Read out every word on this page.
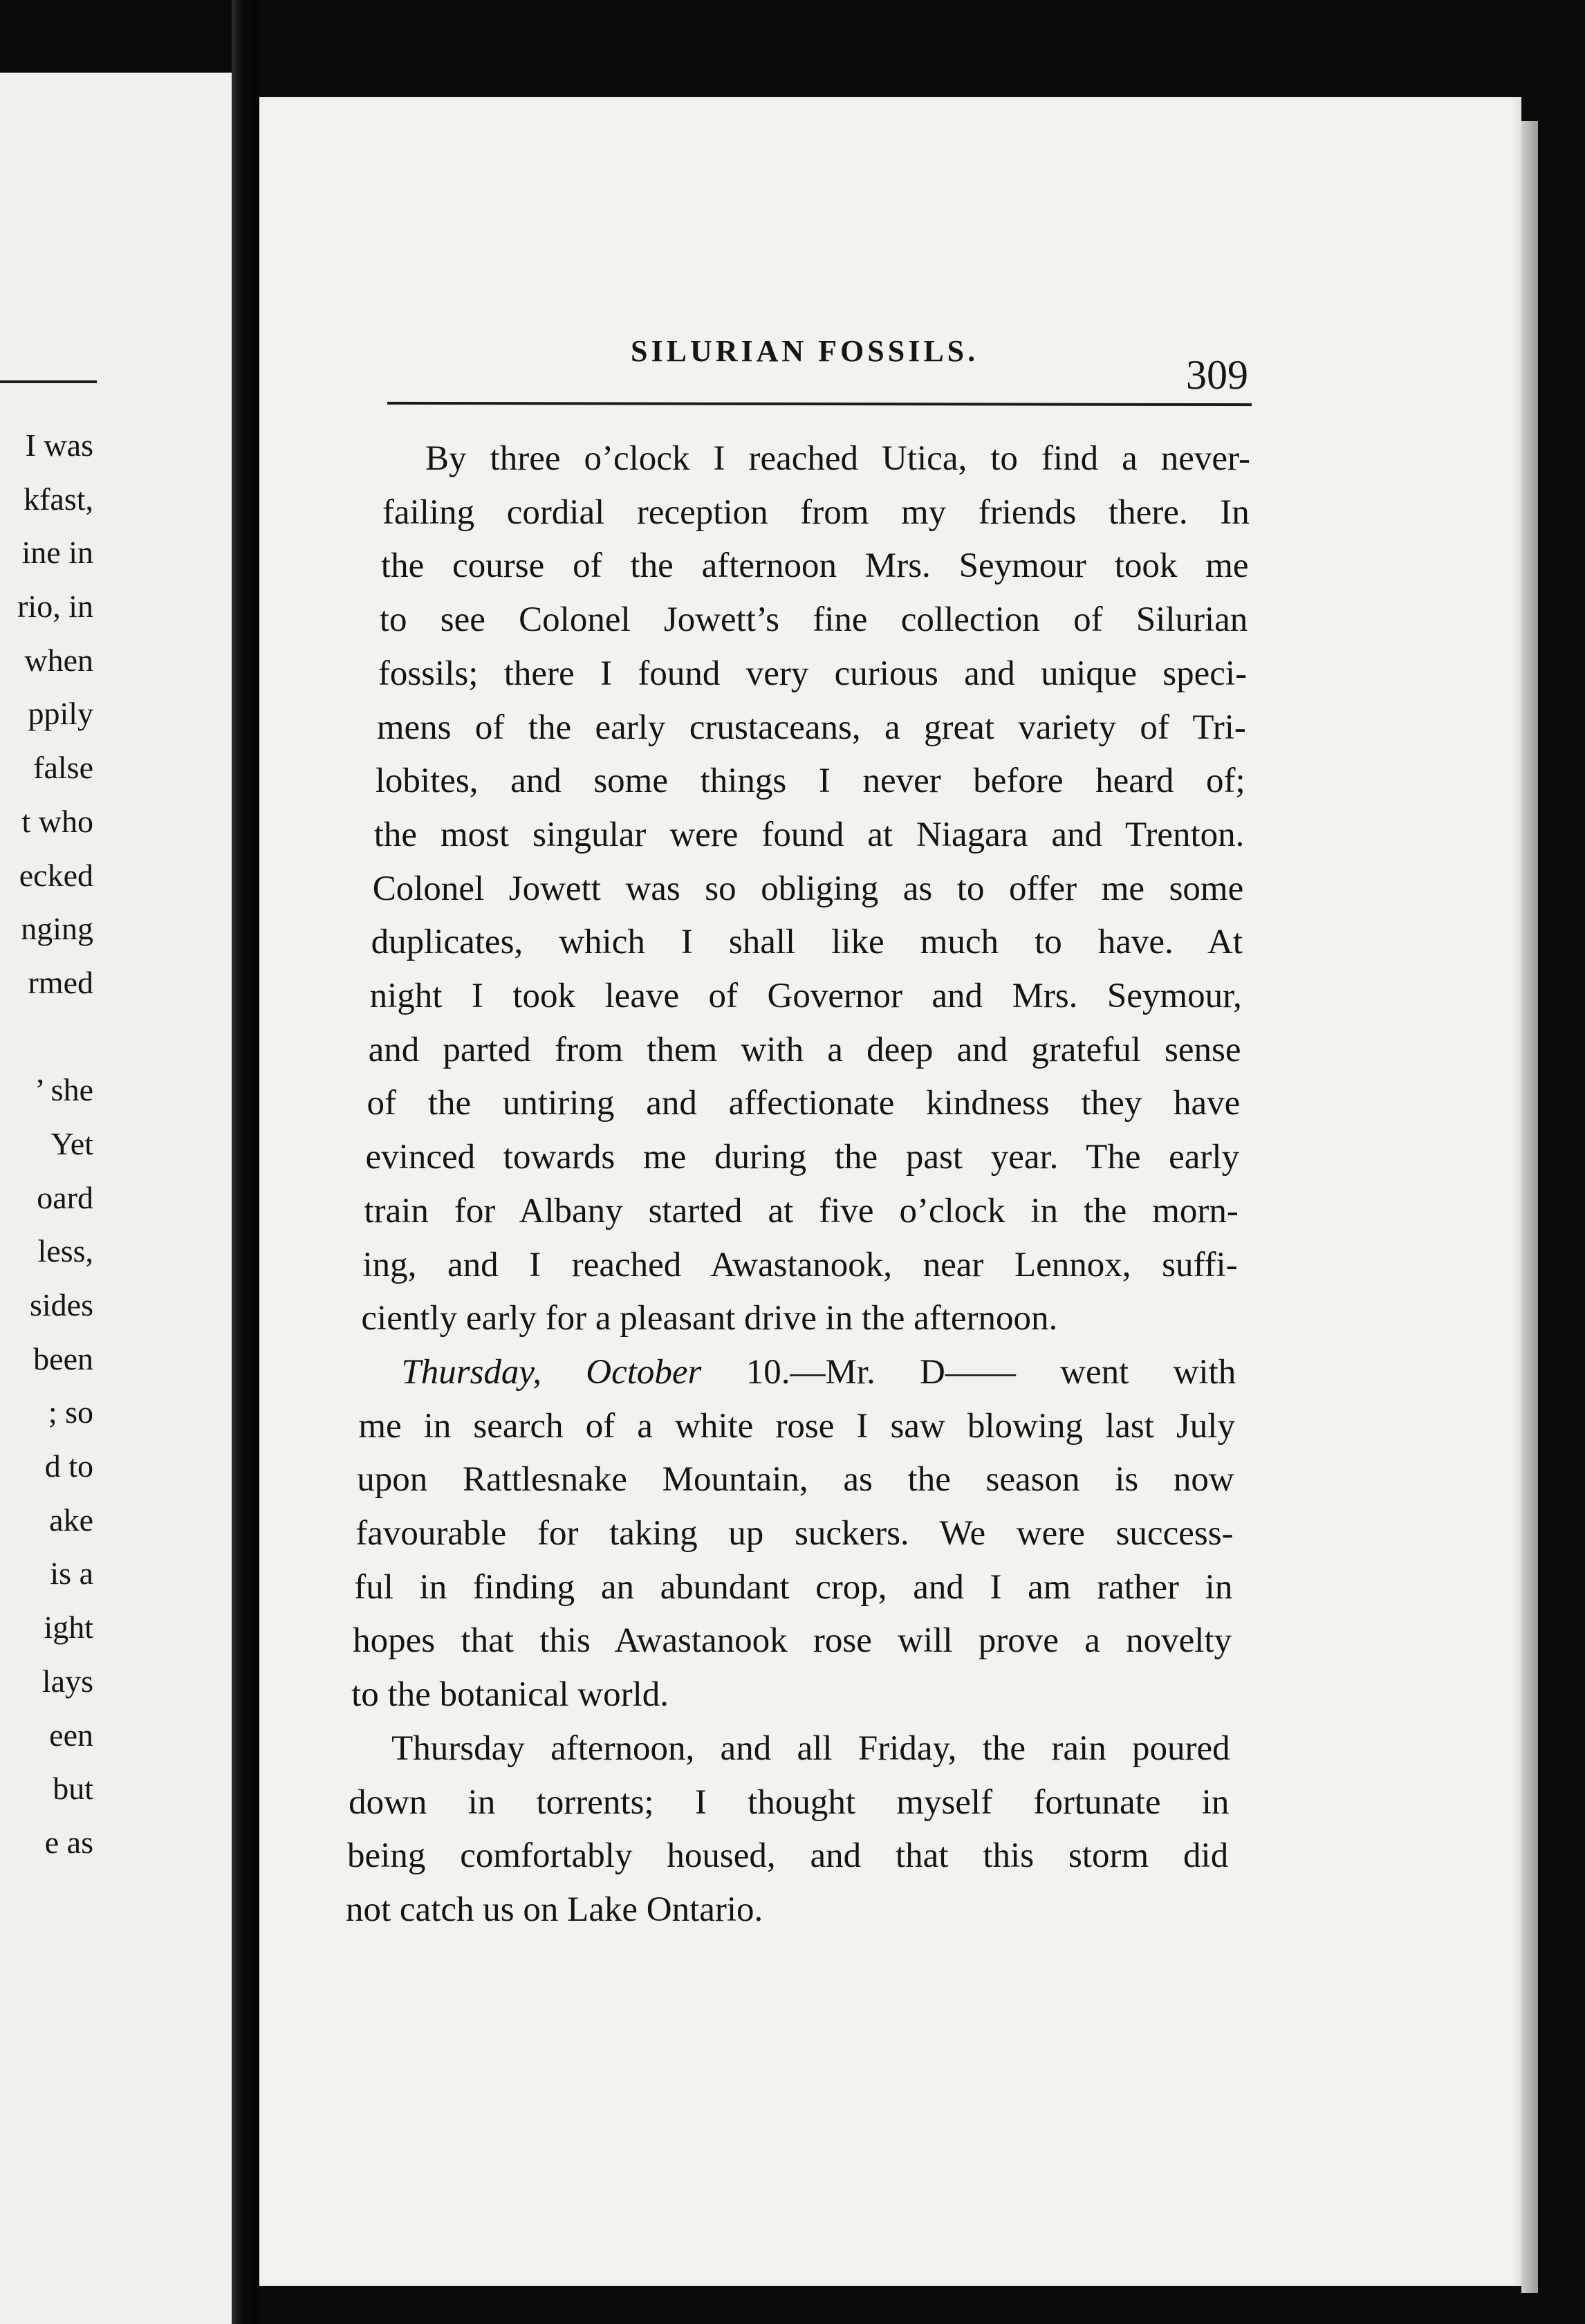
I was
kfast,
ine in
rio, in
when
ppily
false
t who
ecked
nging
rmed
’ she
Yet
oard
less,
sides
been
; so
d to
ake
is a
ight
lays
een
but
e as
SILURIAN FOSSILS.
309
By three o’clock I reached Utica, to find a never-
failing cordial reception from my friends there. In
the course of the afternoon Mrs. Seymour took me
to see Colonel Jowett’s fine collection of Silurian
fossils; there I found very curious and unique speci-
mens of the early crustaceans, a great variety of Tri-
lobites, and some things I never before heard of;
the most singular were found at Niagara and Trenton.
Colonel Jowett was so obliging as to offer me some
duplicates, which I shall like much to have. At
night I took leave of Governor and Mrs. Seymour,
and parted from them with a deep and grateful sense
of the untiring and affectionate kindness they have
evinced towards me during the past year. The early
train for Albany started at five o’clock in the morn-
ing, and I reached Awastanook, near Lennox, suffi-
ciently early for a pleasant drive in the afternoon.
Thursday, October 10.—Mr. D—— went with
me in search of a white rose I saw blowing last July
upon Rattlesnake Mountain, as the season is now
favourable for taking up suckers. We were success-
ful in finding an abundant crop, and I am rather in
hopes that this Awastanook rose will prove a novelty
to the botanical world.
Thursday afternoon, and all Friday, the rain poured
down in torrents; I thought myself fortunate in
being comfortably housed, and that this storm did
not catch us on Lake Ontario.
